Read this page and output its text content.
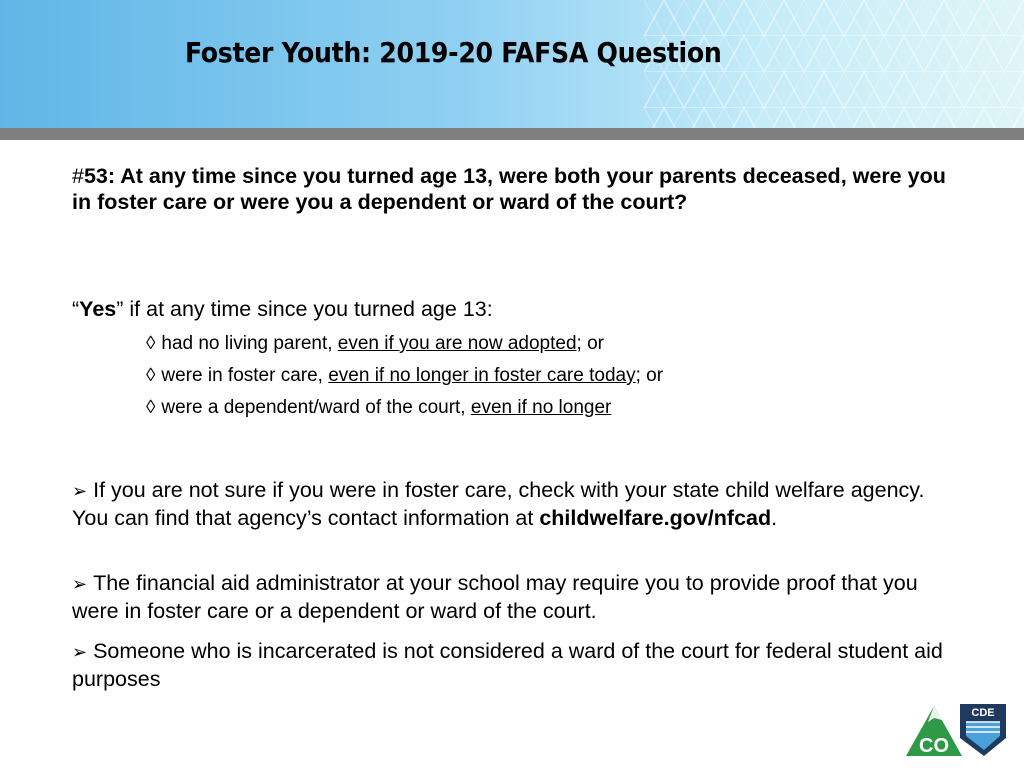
Foster Youth: 2019-20 FAFSA Question

#53: At any time since you turned age 13, were both your parents deceased, were you in foster care or were you a dependent or ward of the court?

“Yes” if at any time since you turned age 13:

◊ had no living parent, even if you are now adopted; or

◊ were in foster care, even if no longer in foster care today; or

◊ were a dependent/ward of the court, even if no longer

➢ If you are not sure if you were in foster care, check with your state child welfare agency. You can find that agency’s contact information at childwelfare.gov/nfcad.

➢ The financial aid administrator at your school may require you to provide proof that you were in foster care or a dependent or ward of the court.

➢ Someone who is incarcerated is not considered a ward of the court for federal student aid purposes

CO
CDE
